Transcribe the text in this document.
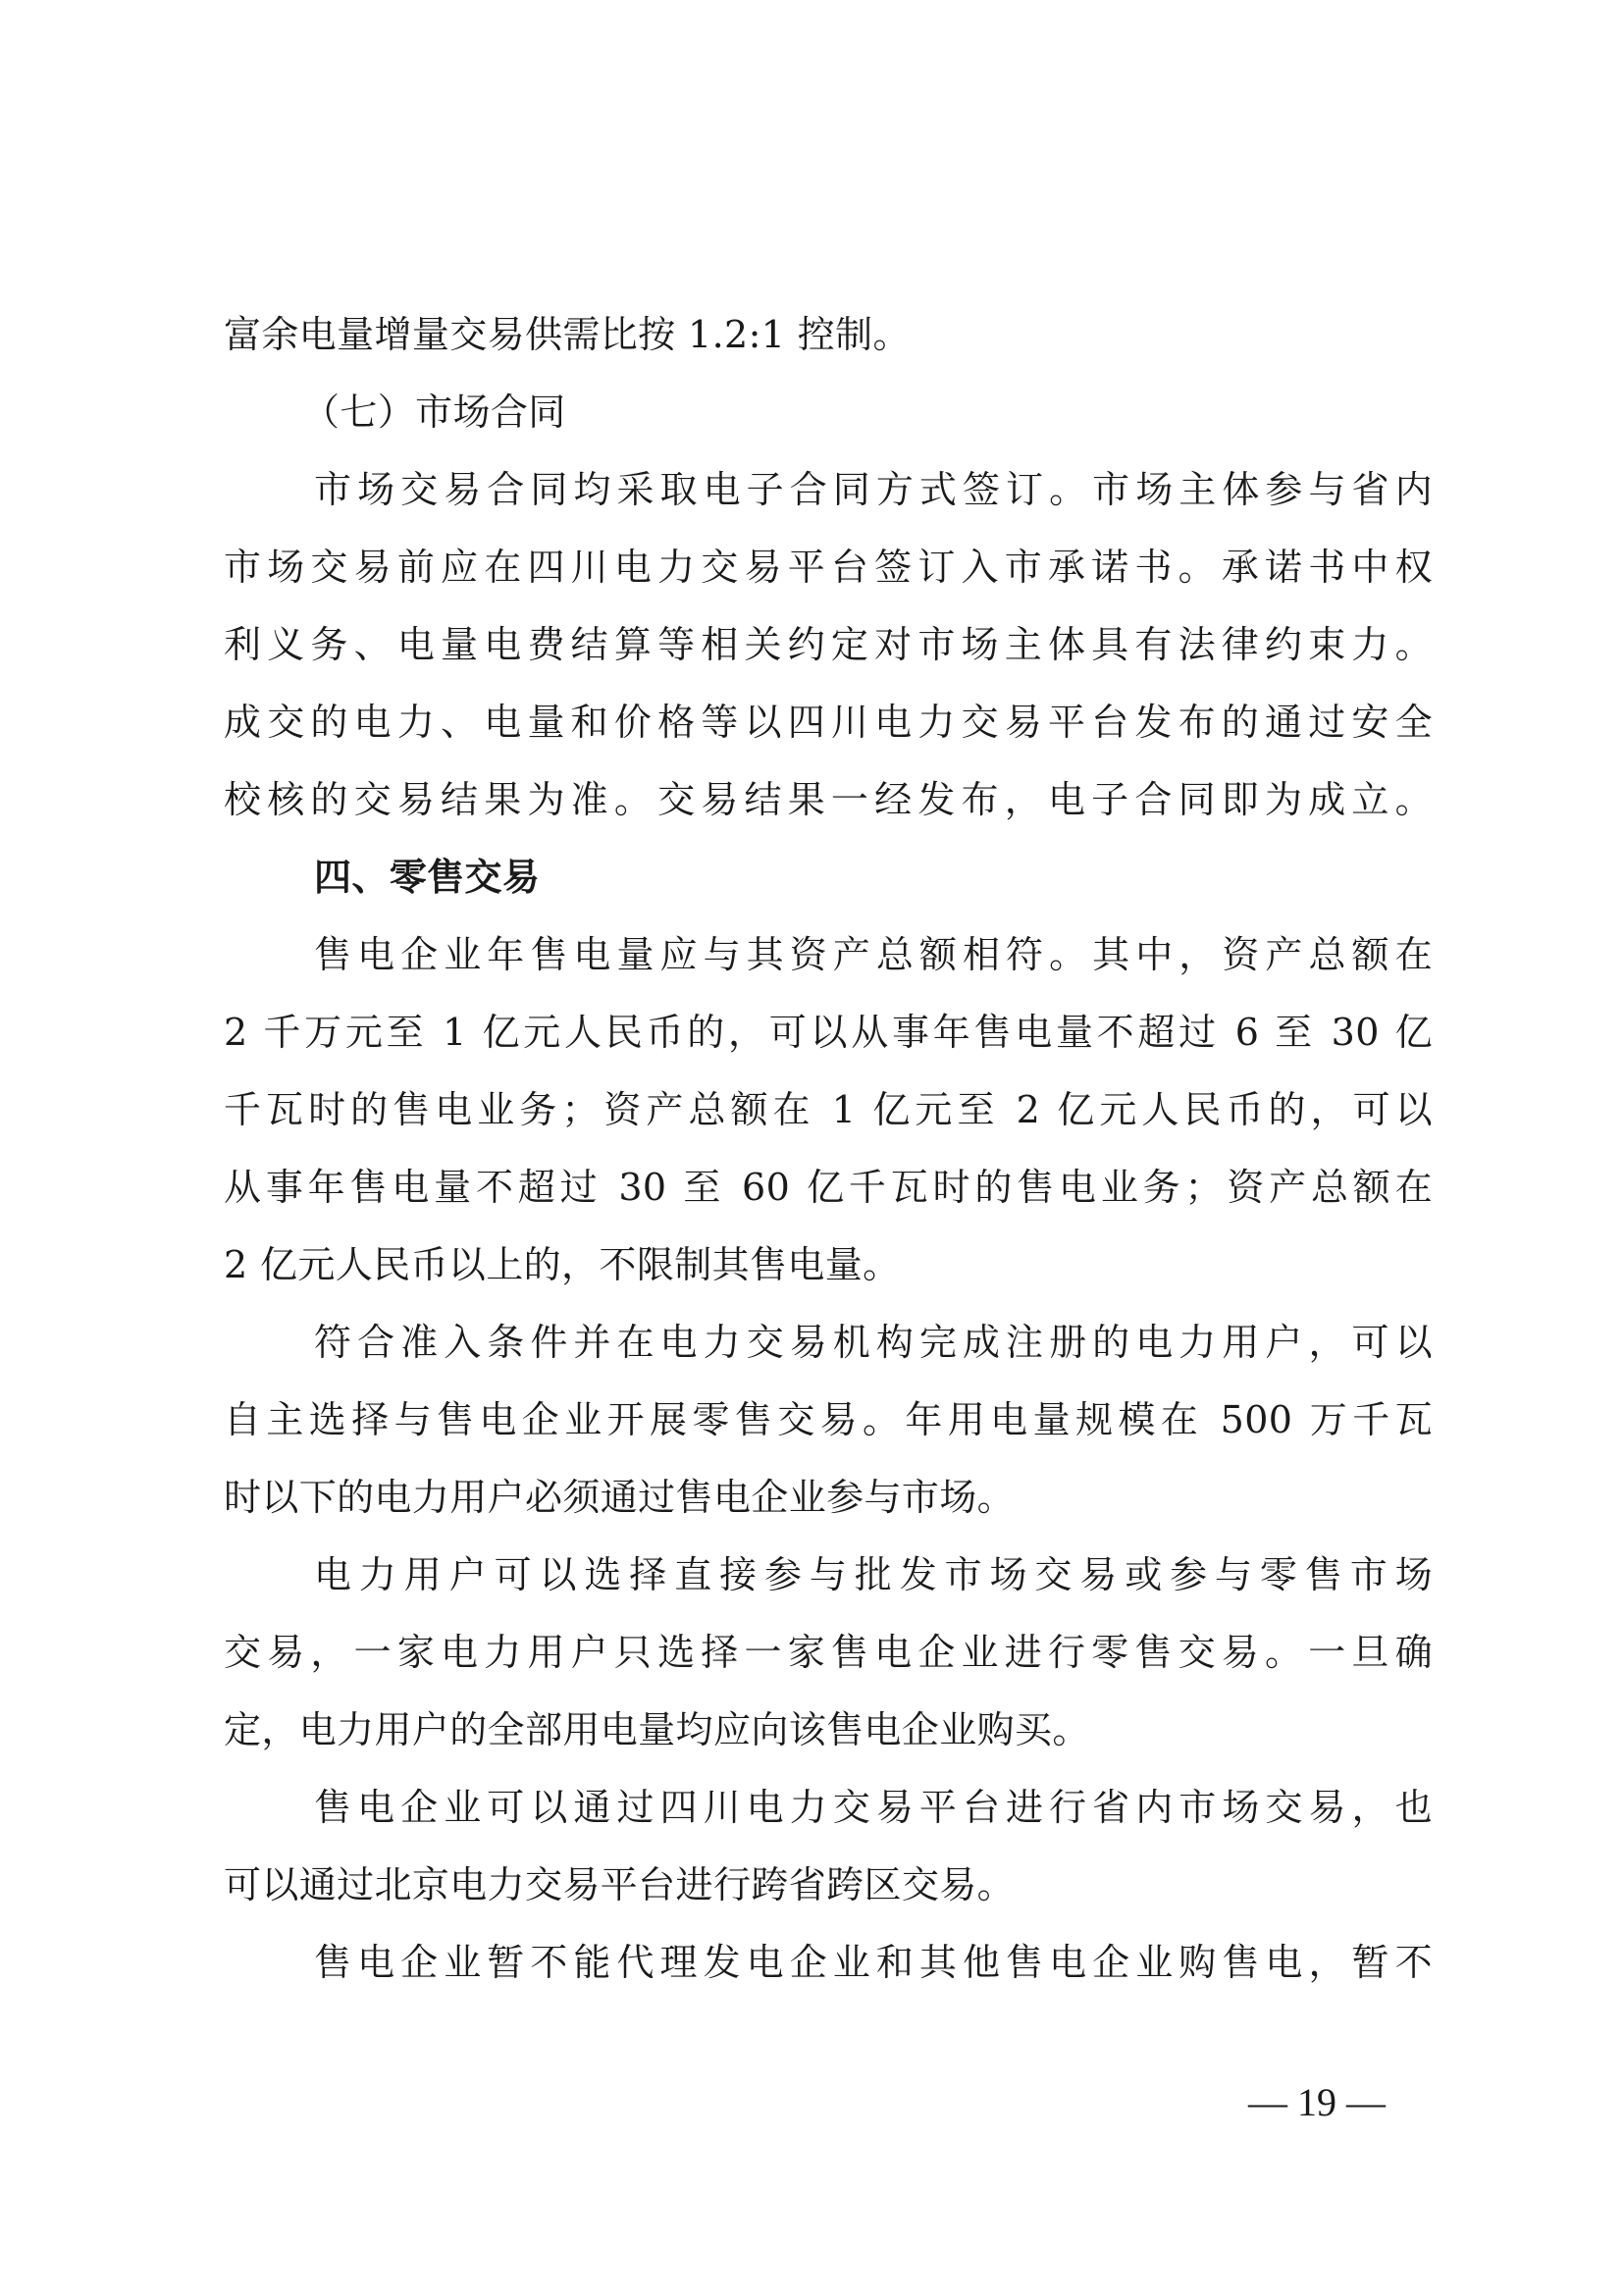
富余电量增量交易供需比按 1.2:1 控制。
（七）市场合同
市场交易合同均采取电子合同方式签订。市场主体参与省内
市场交易前应在四川电力交易平台签订入市承诺书。承诺书中权
利义务、电量电费结算等相关约定对市场主体具有法律约束力。
成交的电力、电量和价格等以四川电力交易平台发布的通过安全
校核的交易结果为准。交易结果一经发布，电子合同即为成立。
四、零售交易
售电企业年售电量应与其资产总额相符。其中，资产总额在
2 千万元至 1 亿元人民币的，可以从事年售电量不超过 6 至 30 亿
千瓦时的售电业务；资产总额在 1 亿元至 2 亿元人民币的，可以
从事年售电量不超过 30 至 60 亿千瓦时的售电业务；资产总额在
2 亿元人民币以上的，不限制其售电量。
符合准入条件并在电力交易机构完成注册的电力用户，可以
自主选择与售电企业开展零售交易。年用电量规模在 500 万千瓦
时以下的电力用户必须通过售电企业参与市场。
电力用户可以选择直接参与批发市场交易或参与零售市场
交易，一家电力用户只选择一家售电企业进行零售交易。一旦确
定，电力用户的全部用电量均应向该售电企业购买。
售电企业可以通过四川电力交易平台进行省内市场交易，也
可以通过北京电力交易平台进行跨省跨区交易。
售电企业暂不能代理发电企业和其他售电企业购售电，暂不
— 19 —
